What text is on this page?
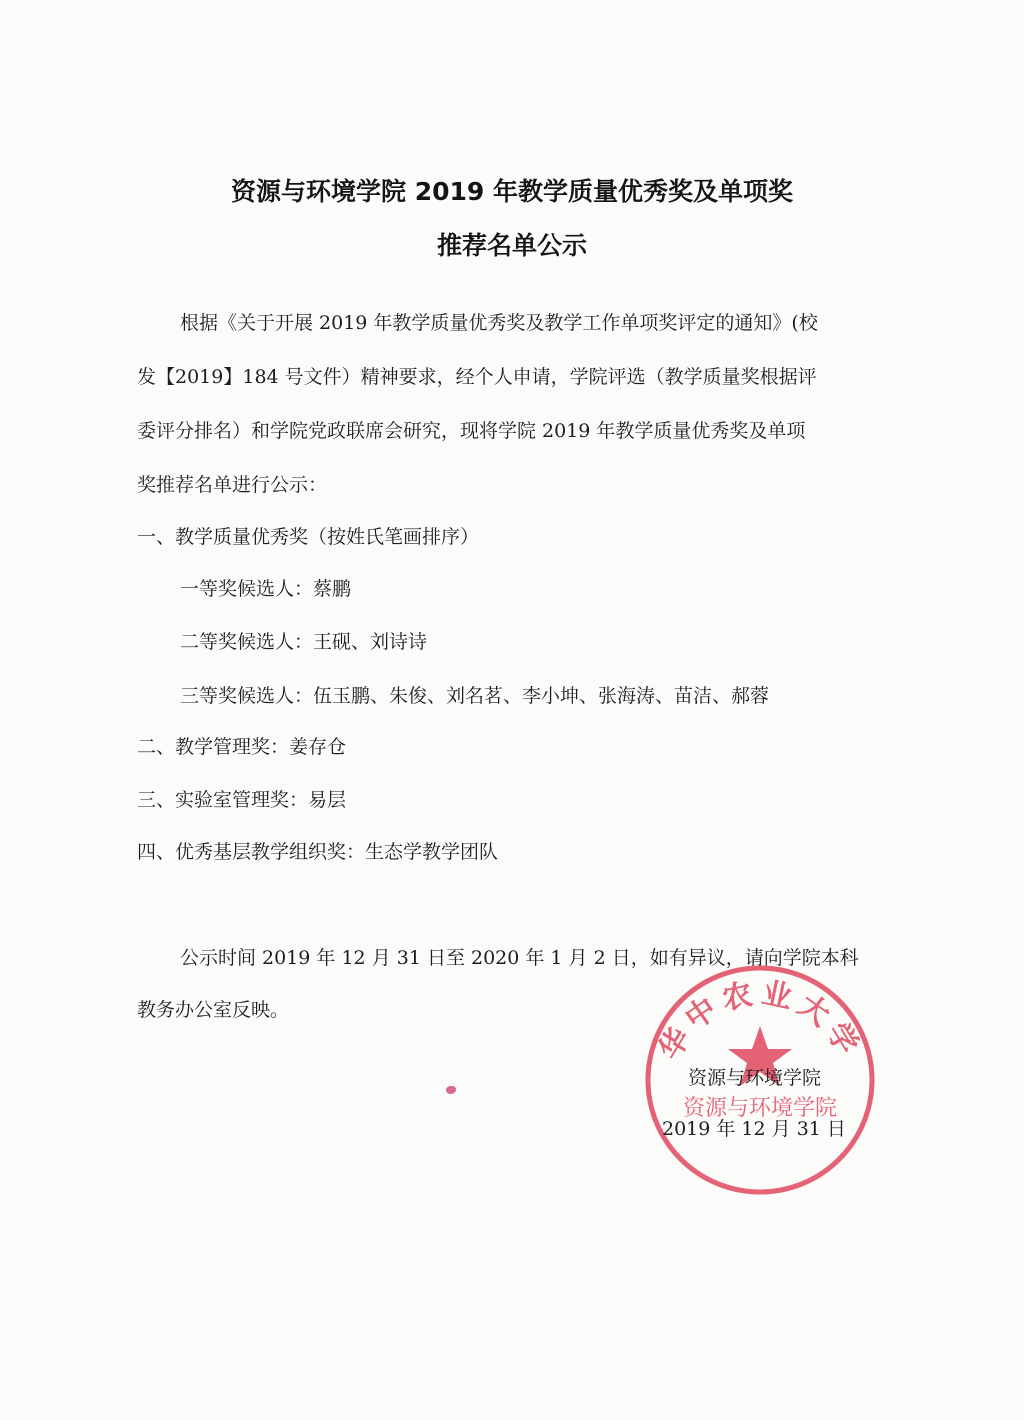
资源与环境学院 2019 年教学质量优秀奖及单项奖
推荐名单公示
根据《关于开展 2019 年教学质量优秀奖及教学工作单项奖评定的通知》(校
发【2019】184 号文件）精神要求，经个人申请，学院评选（教学质量奖根据评
委评分排名）和学院党政联席会研究，现将学院 2019 年教学质量优秀奖及单项
奖推荐名单进行公示：
一、教学质量优秀奖（按姓氏笔画排序）
一等奖候选人：蔡鹏
二等奖候选人：王砚、刘诗诗
三等奖候选人：伍玉鹏、朱俊、刘名茗、李小坤、张海涛、苗洁、郝蓉
二、教学管理奖：姜存仓
三、实验室管理奖：易层
四、优秀基层教学组织奖：生态学教学团队
公示时间 2019 年 12 月 31 日至 2020 年 1 月 2 日，如有异议，请向学院本科
教务办公室反映。
华中农业大学
资源与环境学院
资源与环境学院
2019 年 12 月 31 日
